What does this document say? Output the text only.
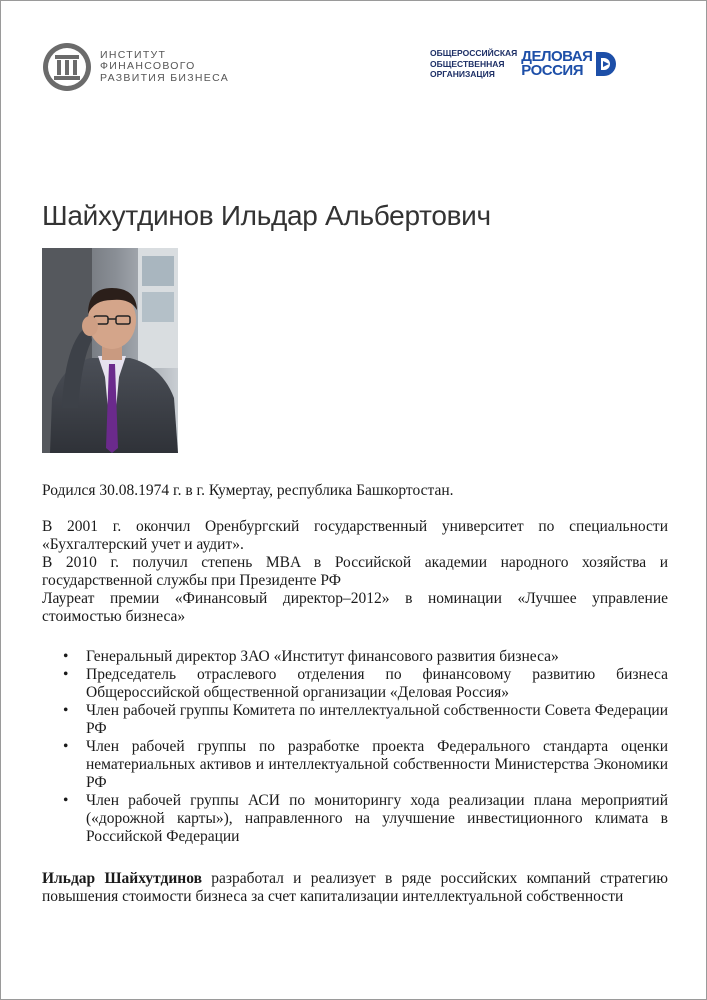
ИНСТИТУТ
ФИНАНСОВОГО
РАЗВИТИЯ БИЗНЕСА
ОБЩЕРОССИЙСКАЯ
ОБЩЕСТВЕННАЯ
ОРГАНИЗАЦИЯ
ДЕЛОВАЯ
РОССИЯ
Шайхутдинов Ильдар Альбертович

Родился 30.08.1974 г. в г. Кумертау, республика Башкортостан.

В 2001 г. окончил Оренбургский государственный университет по специальности «Бухгалтерский учет и аудит».

В 2010 г. получил степень MBA в Российской академии народного хозяйства и государственной службы при Президенте РФ

Лауреат премии «Финансовый директор–2012» в номинации «Лучшее управление стоимостью бизнеса»

• Генеральный директор ЗАО «Институт финансового развития бизнеса»
• Председатель отраслевого отделения по финансовому развитию бизнеса Общероссийской общественной организации «Деловая Россия»
• Член рабочей группы Комитета по интеллектуальной собственности Совета Федерации РФ
• Член рабочей группы по разработке проекта Федерального стандарта оценки нематериальных активов и интеллектуальной собственности Министерства Экономики РФ
• Член рабочей группы АСИ по мониторингу хода реализации плана мероприятий («дорожной карты»), направленного на улучшение инвестиционного климата в Российской Федерации

Ильдар Шайхутдинов разработал и реализует в ряде российских компаний стратегию повышения стоимости бизнеса за счет капитализации интеллектуальной собственности
